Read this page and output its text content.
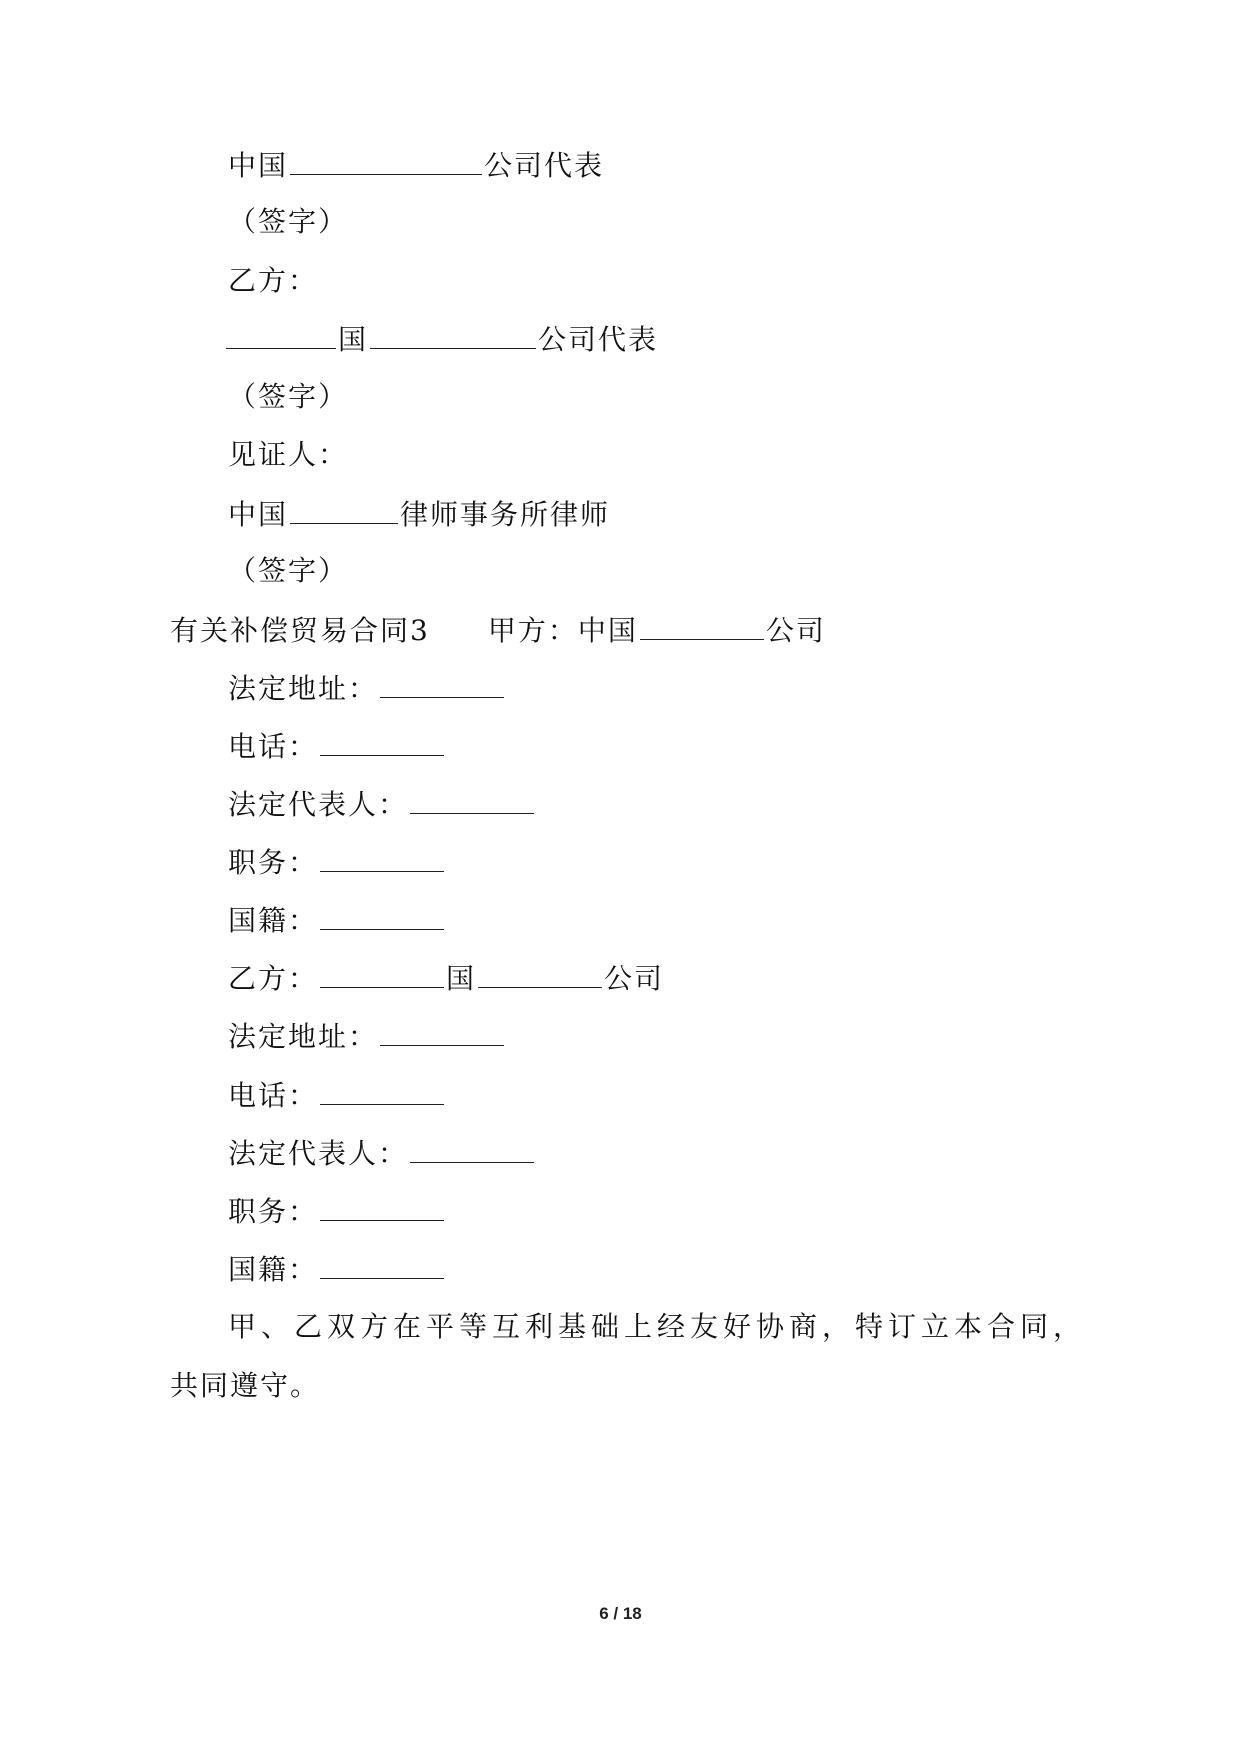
中国	公司代表
（签字）
乙方：
国	公司代表
（签字）
见证人：
中国	律师事务所律师
（签字）
有关补偿贸易合同3 甲方：中国	公司
法定地址：
电话：
法定代表人：
职务：
国籍：
乙方：	国	公司
法定地址：
电话：
法定代表人：
职务：
国籍：
甲、乙双方在平等互利基础上经友好协商，特订立本合同，
共同遵守。
6 / 18
